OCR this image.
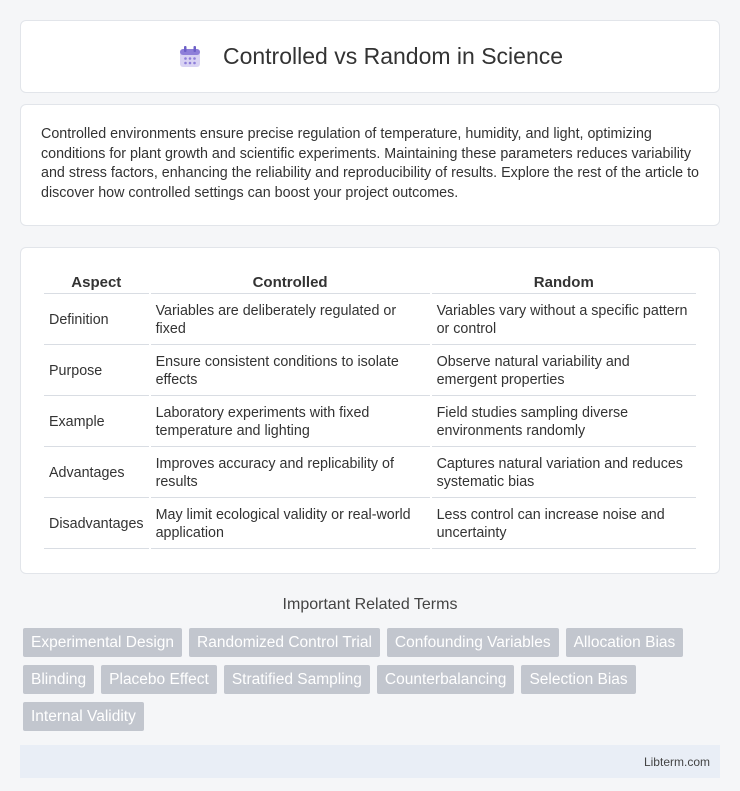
Controlled vs Random in Science

Controlled environments ensure precise regulation of temperature, humidity, and light, optimizing conditions for plant growth and scientific experiments. Maintaining these parameters reduces variability and stress factors, enhancing the reliability and reproducibility of results. Explore the rest of the article to discover how controlled settings can boost your project outcomes.

Aspect	Controlled	Random
Definition	Variables are deliberately regulated or fixed	Variables vary without a specific pattern or control
Purpose	Ensure consistent conditions to isolate effects	Observe natural variability and emergent properties
Example	Laboratory experiments with fixed temperature and lighting	Field studies sampling diverse environments randomly
Advantages	Improves accuracy and replicability of results	Captures natural variation and reduces systematic bias
Disadvantages	May limit ecological validity or real-world application	Less control can increase noise and uncertainty
Important Related Terms
Experimental Design	Randomized Control Trial	Confounding Variables	Allocation Bias
Blinding	Placebo Effect	Stratified Sampling	Counterbalancing	Selection Bias
Internal Validity
Libterm.com
